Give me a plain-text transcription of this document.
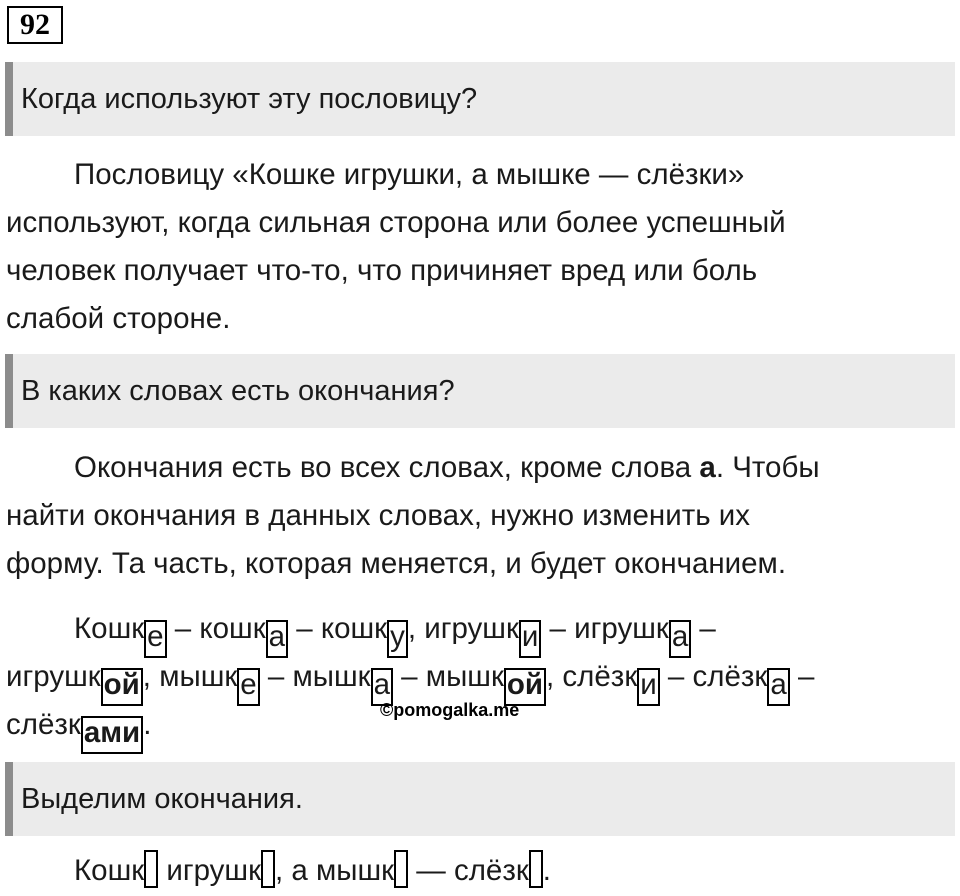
92
Когда используют эту пословицу?
Пословицу «Кошке игрушки, а мышке — слёзки»
используют, когда сильная сторона или более успешный
человек получает что-то, что причиняет вред или боль
слабой стороне.
В каких словах есть окончания?
Окончания есть во всех словах, кроме слова а. Чтобы
найти окончания в данных словах, нужно изменить их
форму. Та часть, которая меняется, и будет окончанием.
Кошк е – кошк а – кошк у , игрушк и – игрушк а –
игрушк ой , мышк е – мышк а – мышк ой , слёзк и – слёзк а –
слёзк ами .	©pomogalka.me
Выделим окончания.
Кошк игрушк , а мышк — слёзк .
